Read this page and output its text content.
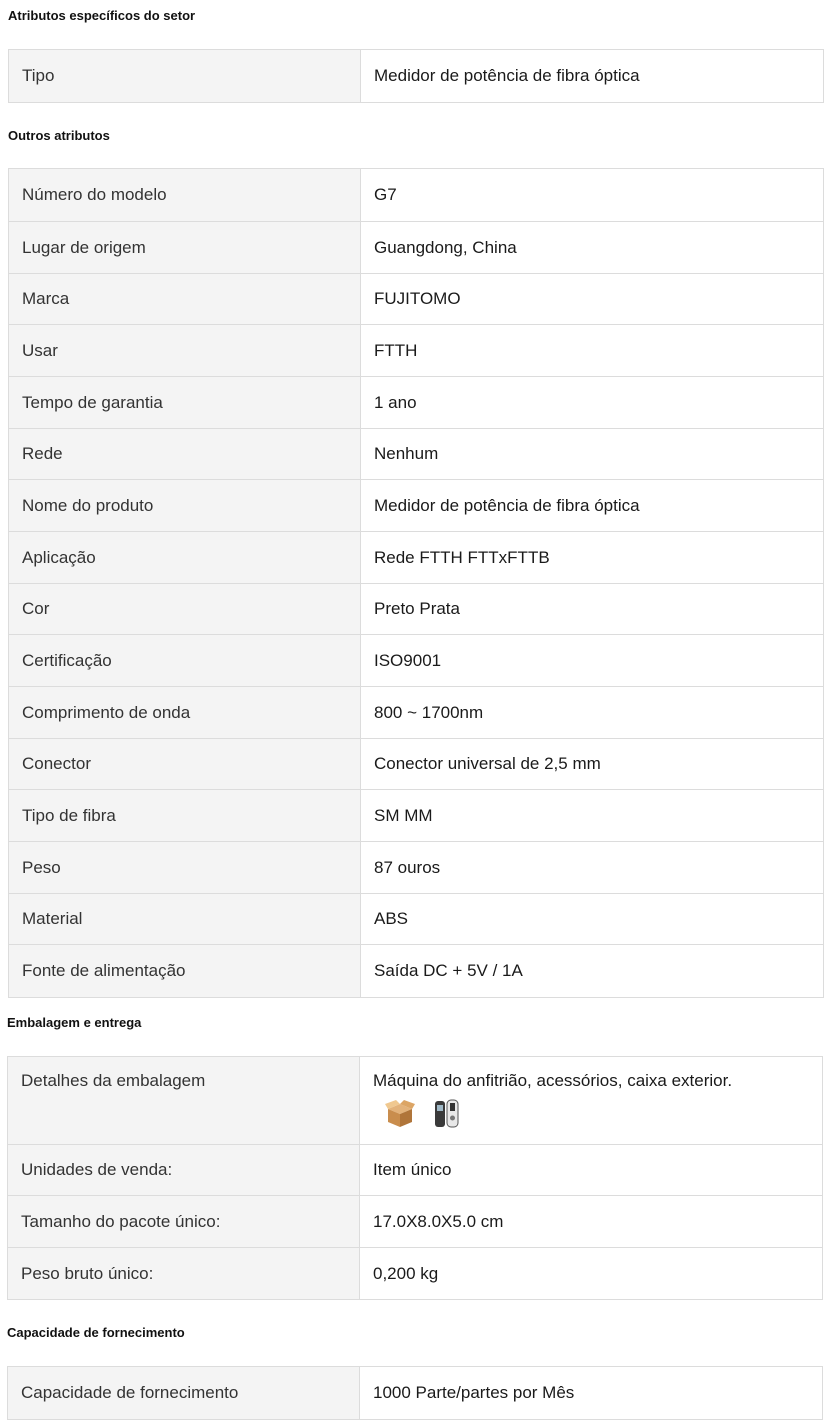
Atributos específicos do setor
Tipo	Medidor de potência de fibra óptica
Outros atributos
Número do modelo	G7
Lugar de origem	Guangdong, China
Marca	FUJITOMO
Usar	FTTH
Tempo de garantia	1 ano
Rede	Nenhum
Nome do produto	Medidor de potência de fibra óptica
Aplicação	Rede FTTH FTTxFTTB
Cor	Preto Prata
Certificação	ISO9001
Comprimento de onda	800 ~ 1700nm
Conector	Conector universal de 2,5 mm
Tipo de fibra	SM MM
Peso	87 ouros
Material	ABS
Fonte de alimentação	Saída DC + 5V / 1A
Embalagem e entrega
Detalhes da embalagem	Máquina do anfitrião, acessórios, caixa exterior.

Unidades de venda:	Item único
Tamanho do pacote único:	17.0X8.0X5.0 cm
Peso bruto único:	0,200 kg
Capacidade de fornecimento
Capacidade de fornecimento	1000 Parte/partes por Mês
